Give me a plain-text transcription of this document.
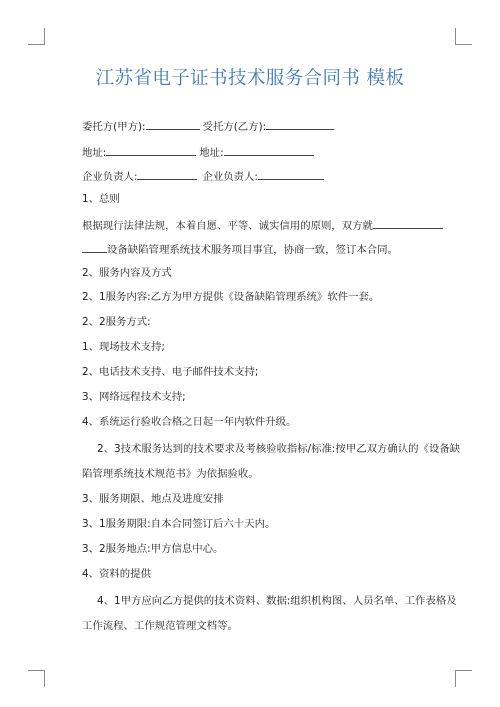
江苏省电子证书技术服务合同书 模板
委托方(甲方):	受托方(乙方):
地址:	地址:
企业负责人:	企业负责人:
1、总则
根据现行法律法规，本着自愿、平等、诚实信用的原则，双方就
设备缺陷管理系统技术服务项目事宜，协商一致，签订本合同。
2、服务内容及方式
2、1服务内容:乙方为甲方提供《设备缺陷管理系统》软件一套。
2、2服务方式:
1、现场技术支持;
2、电话技术支持、电子邮件技术支持;
3、网络远程技术支持;
4、系统运行验收合格之日起一年内软件升级。
2、3技术服务达到的技术要求及考核验收指标/标准:按甲乙双方确认的《设备缺
陷管理系统技术规范书》为依据验收。
3、服务期限、地点及进度安排
3、1服务期限:自本合同签订后六十天内。
3、2服务地点:甲方信息中心。
4、资料的提供
4、1甲方应向乙方提供的技术资料、数据:组织机构图、人员名单、工作表格及
工作流程、工作规范管理文档等。
